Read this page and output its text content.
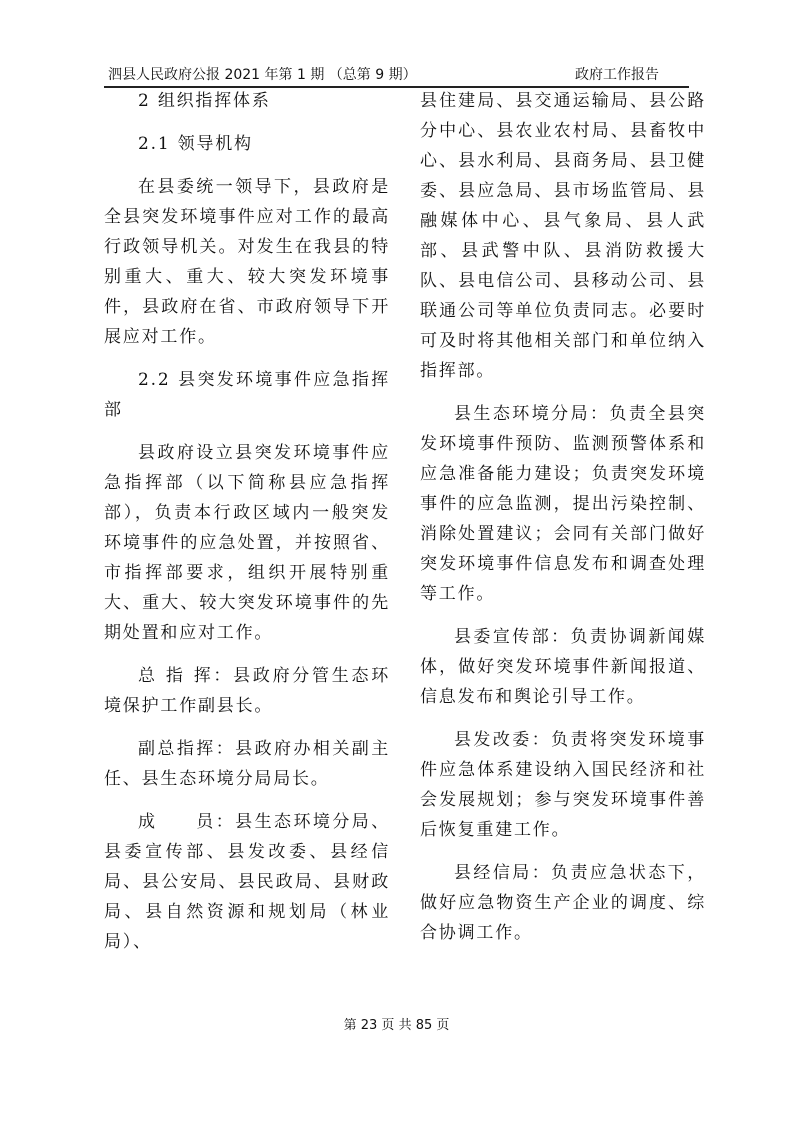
泗县人民政府公报 2021 年第 1 期 （总第 9 期）	政府工作报告

2 组织指挥体系

2.1 领导机构

在县委统一领导下，县政府是全县突发环境事件应对工作的最高行政领导机关。对发生在我县的特别重大、重大、较大突发环境事件，县政府在省、市政府领导下开展应对工作。

2.2 县突发环境事件应急指挥部

县政府设立县突发环境事件应急指挥部（以下简称县应急指挥部），负责本行政区域内一般突发环境事件的应急处置，并按照省、市指挥部要求，组织开展特别重大、重大、较大突发环境事件的先期处置和应对工作。

总 指 挥：县政府分管生态环境保护工作副县长。

副总指挥：县政府办相关副主任、县生态环境分局局长。

成　　员：县生态环境分局、县委宣传部、县发改委、县经信局、县公安局、县民政局、县财政局、县自然资源和规划局（林业局）、

县住建局、县交通运输局、县公路分中心、县农业农村局、县畜牧中心、县水利局、县商务局、县卫健委、县应急局、县市场监管局、县融媒体中心、县气象局、县人武部、县武警中队、县消防救援大队、县电信公司、县移动公司、县联通公司等单位负责同志。必要时可及时将其他相关部门和单位纳入指挥部。

县生态环境分局：负责全县突发环境事件预防、监测预警体系和应急准备能力建设；负责突发环境事件的应急监测，提出污染控制、消除处置建议；会同有关部门做好突发环境事件信息发布和调查处理等工作。

县委宣传部：负责协调新闻媒体，做好突发环境事件新闻报道、信息发布和舆论引导工作。

县发改委：负责将突发环境事件应急体系建设纳入国民经济和社会发展规划；参与突发环境事件善后恢复重建工作。

县经信局：负责应急状态下，做好应急物资生产企业的调度、综合协调工作。

第 23 页 共 85 页
